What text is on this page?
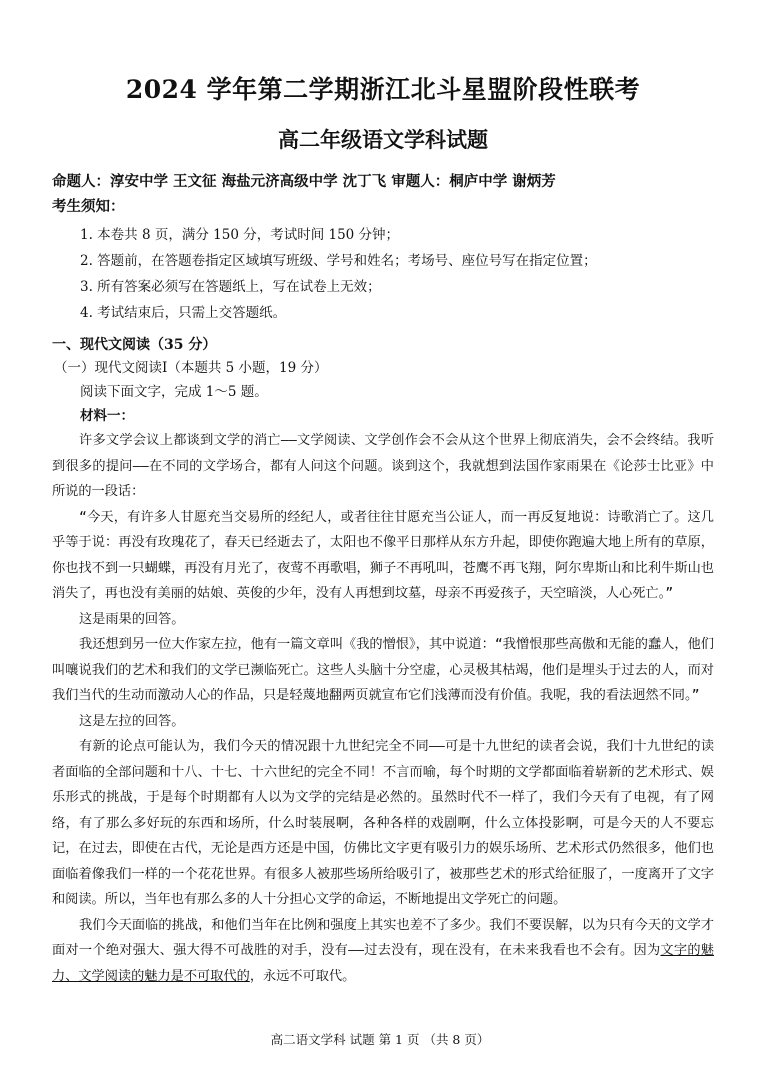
2024 学年第二学期浙江北斗星盟阶段性联考
高二年级语文学科试题
命题人：淳安中学 王文征 海盐元济高级中学 沈丁飞 审题人：桐庐中学 谢炳芳
考生须知：
1. 本卷共 8 页，满分 150 分，考试时间 150 分钟；
2. 答题前，在答题卷指定区域填写班级、学号和姓名；考场号、座位号写在指定位置；
3. 所有答案必须写在答题纸上，写在试卷上无效；
4. 考试结束后，只需上交答题纸。
一、现代文阅读（35 分）
（一）现代文阅读Ⅰ（本题共 5 小题，19 分）

阅读下面文字，完成 1～5 题。

材料一：

许多文学会议上都谈到文学的消亡——文学阅读、文学创作会不会从这个世界上彻底消失，会不会终结。我听到很多的提问——在不同的文学场合，都有人问这个问题。谈到这个，我就想到法国作家雨果在《论莎士比亚》中所说的一段话：

“今天，有许多人甘愿充当交易所的经纪人，或者往往甘愿充当公证人，而一再反复地说：诗歌消亡了。这几乎等于说：再没有玫瑰花了，春天已经逝去了，太阳也不像平日那样从东方升起，即使你跑遍大地上所有的草原，你也找不到一只蝴蝶，再没有月光了，夜莺不再歌唱，狮子不再吼叫，苍鹰不再飞翔，阿尔卑斯山和比利牛斯山也消失了，再也没有美丽的姑娘、英俊的少年，没有人再想到坟墓，母亲不再爱孩子，天空暗淡，人心死亡。”

这是雨果的回答。

我还想到另一位大作家左拉，他有一篇文章叫《我的憎恨》，其中说道：“我憎恨那些高傲和无能的蠢人，他们叫嚷说我们的艺术和我们的文学已濒临死亡。这些人头脑十分空虚，心灵极其枯竭，他们是埋头于过去的人，而对我们当代的生动而激动人心的作品，只是轻蔑地翻两页就宣布它们浅薄而没有价值。我呢，我的看法迥然不同。”

这是左拉的回答。

有新的论点可能认为，我们今天的情况跟十九世纪完全不同——可是十九世纪的读者会说，我们十九世纪的读者面临的全部问题和十八、十七、十六世纪的完全不同！不言而喻，每个时期的文学都面临着崭新的艺术形式、娱乐形式的挑战，于是每个时期都有人以为文学的完结是必然的。虽然时代不一样了，我们今天有了电视，有了网络，有了那么多好玩的东西和场所，什么时装展啊，各种各样的戏剧啊，什么立体投影啊，可是今天的人不要忘记，在过去，即使在古代，无论是西方还是中国，仿佛比文字更有吸引力的娱乐场所、艺术形式仍然很多，他们也面临着像我们一样的一个花花世界。有很多人被那些场所给吸引了，被那些艺术的形式给征服了，一度离开了文字和阅读。所以，当年也有那么多的人十分担心文学的命运，不断地提出文学死亡的问题。

我们今天面临的挑战，和他们当年在比例和强度上其实也差不了多少。我们不要误解，以为只有今天的文学才面对一个绝对强大、强大得不可战胜的对手，没有——过去没有，现在没有，在未来我看也不会有。因为文字的魅力、文学阅读的魅力是不可取代的，永远不可取代。

高二语文学科 试题 第 1 页 （共 8 页）
